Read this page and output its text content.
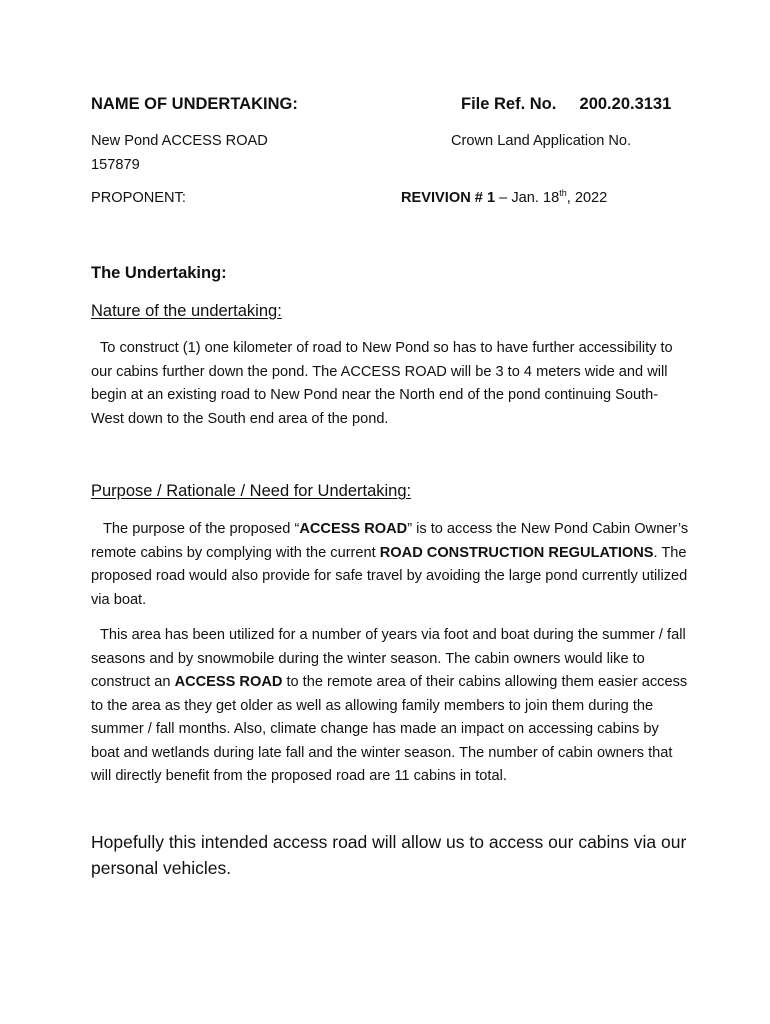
NAME OF UNDERTAKING:	File Ref. No. 200.20.3131
New Pond ACCESS ROAD	Crown Land Application No.
157879
PROPONENT:	REVIVION # 1 – Jan. 18th, 2022
The Undertaking:
Nature of the undertaking:
To construct (1) one kilometer of road to New Pond so has to have further accessibility to our cabins further down the pond. The ACCESS ROAD will be 3 to 4 meters wide and will begin at an existing road to New Pond near the North end of the pond continuing South-West down to the South end area of the pond.
Purpose / Rationale / Need for Undertaking:
The purpose of the proposed “ACCESS ROAD” is to access the New Pond Cabin Owner’s remote cabins by complying with the current ROAD CONSTRUCTION REGULATIONS. The proposed road would also provide for safe travel by avoiding the large pond currently utilized via boat.
This area has been utilized for a number of years via foot and boat during the summer / fall seasons and by snowmobile during the winter season. The cabin owners would like to construct an ACCESS ROAD to the remote area of their cabins allowing them easier access to the area as they get older as well as allowing family members to join them during the summer / fall months. Also, climate change has made an impact on accessing cabins by boat and wetlands during late fall and the winter season. The number of cabin owners that will directly benefit from the proposed road are 11 cabins in total.
Hopefully this intended access road will allow us to access our cabins via our personal vehicles.
